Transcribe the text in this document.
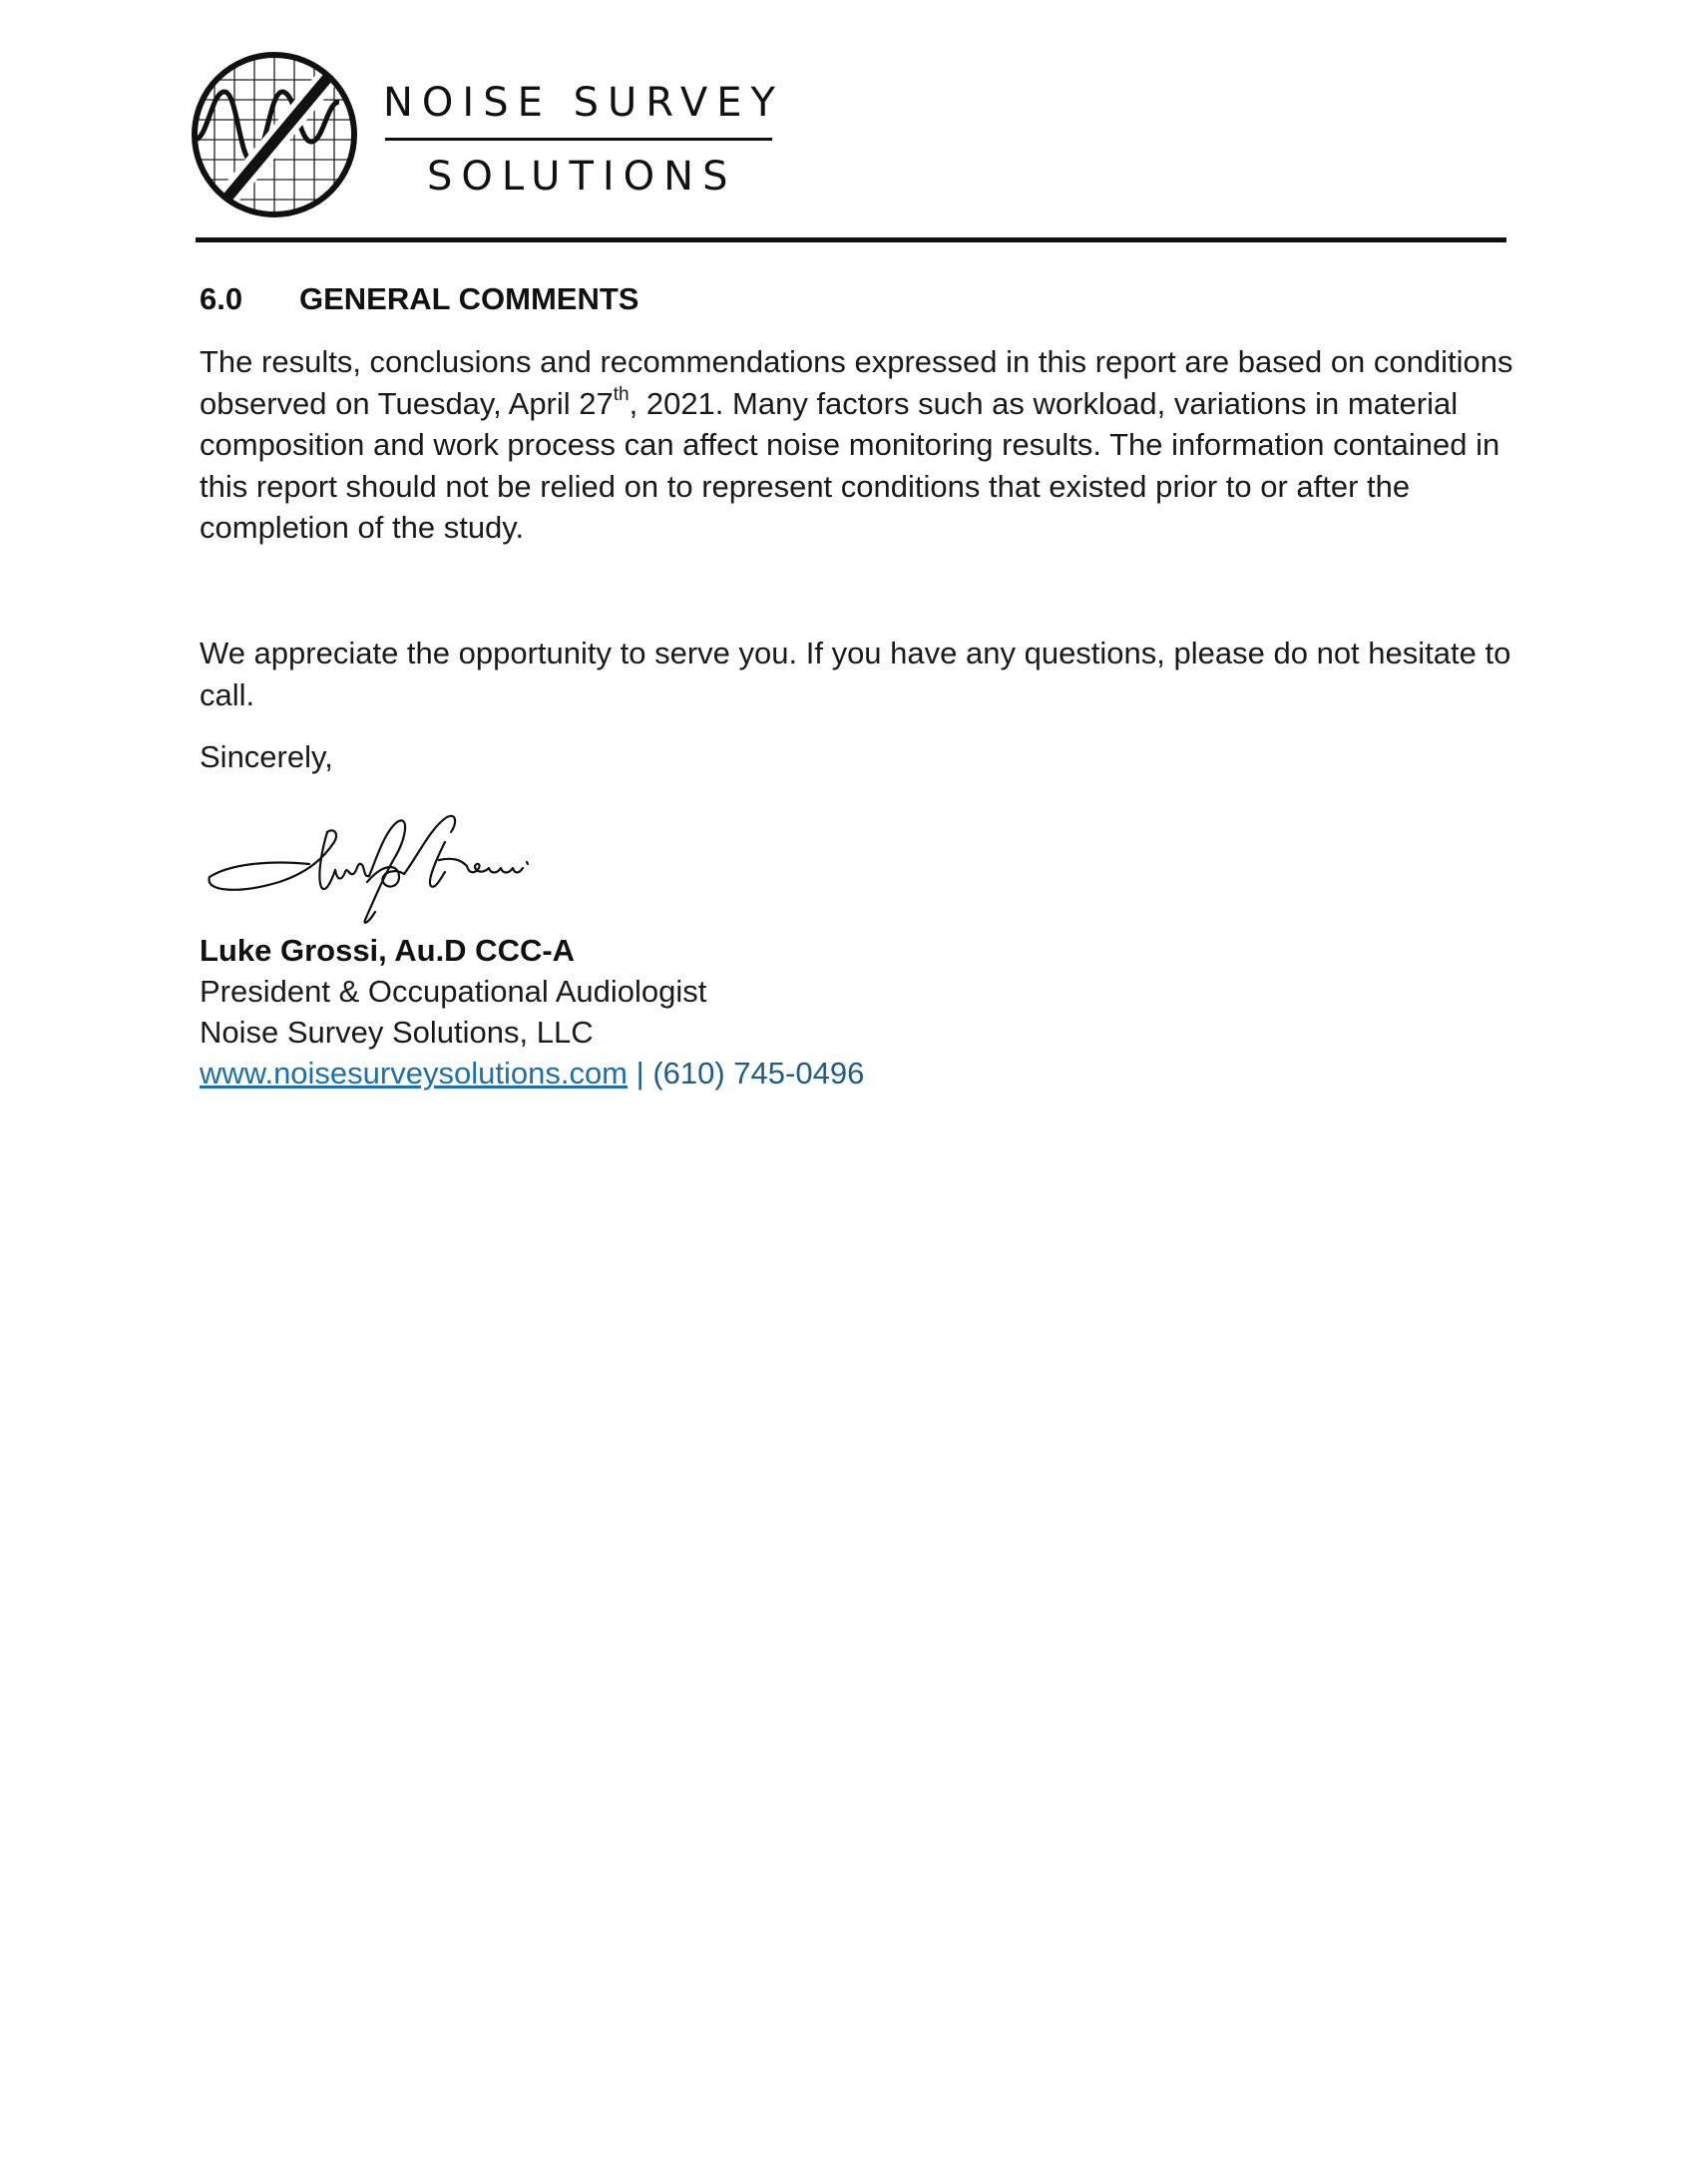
NOISE SURVEY
SOLUTIONS
6.0 GENERAL COMMENTS
The results, conclusions and recommendations expressed in this report are based on conditions observed on Tuesday, April 27th, 2021. Many factors such as workload, variations in material composition and work process can affect noise monitoring results. The information contained in this report should not be relied on to represent conditions that existed prior to or after the completion of the study.
We appreciate the opportunity to serve you. If you have any questions, please do not hesitate to call.
Sincerely,
Luke Grossi, Au.D CCC-A
President & Occupational Audiologist
Noise Survey Solutions, LLC
www.noisesurveysolutions.com | (610) 745-0496
